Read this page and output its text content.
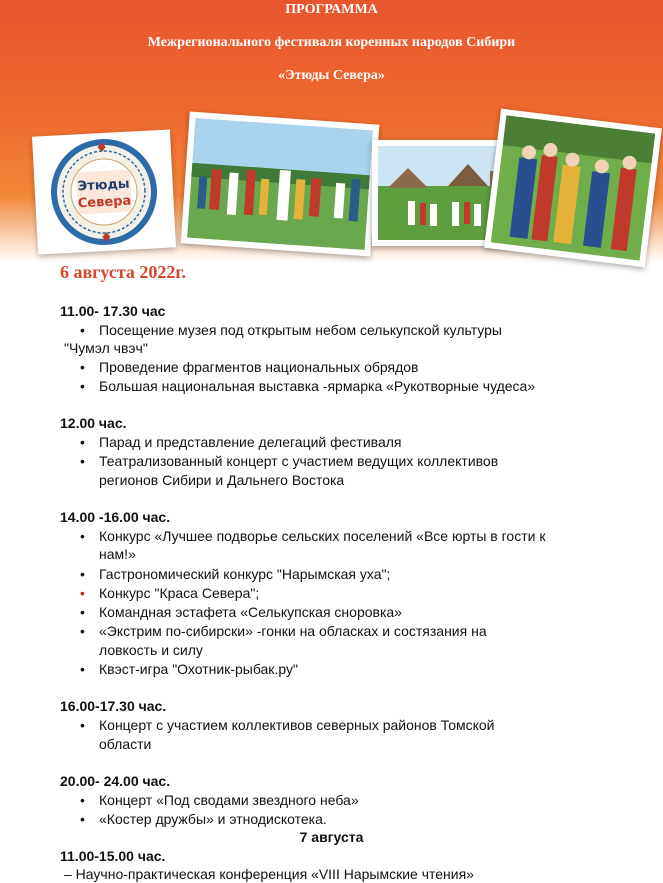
ПРОГРАММА
Межрегионального фестиваля коренных народов Сибири
«Этюды Севера»
Этюды
Севера
6 августа 2022г.
11.00- 17.30 час
• Посещение музея под открытым небом селькупской культуры
"Чумэл чвэч"
• Проведение фрагментов национальных обрядов
• Большая национальная выставка -ярмарка «Рукотворные чудеса»
12.00 час.
• Парад и представление делегаций фестиваля
• Театрализованный концерт с участием ведущих коллективов
регионов Сибири и Дальнего Востока
14.00 -16.00 час.
• Конкурс «Лучшее подворье сельских поселений «Все юрты в гости к
нам!»
• Гастрономический конкурс "Нарымская уха";
• Конкурс "Краса Севера";
• Командная эстафета «Селькупская сноровка»
• «Экстрим по-сибирски» -гонки на обласках и состязания на
ловкость и силу
• Квэст-игра "Охотник-рыбак.ру"
16.00-17.30 час.
• Концерт с участием коллективов северных районов Томской
области
20.00- 24.00 час.
• Концерт «Под сводами звездного неба»
• «Костер дружбы» и этнодискотека.
7 августа
11.00-15.00 час.
– Научно-практическая конференция «VIII Нарымские чтения»
